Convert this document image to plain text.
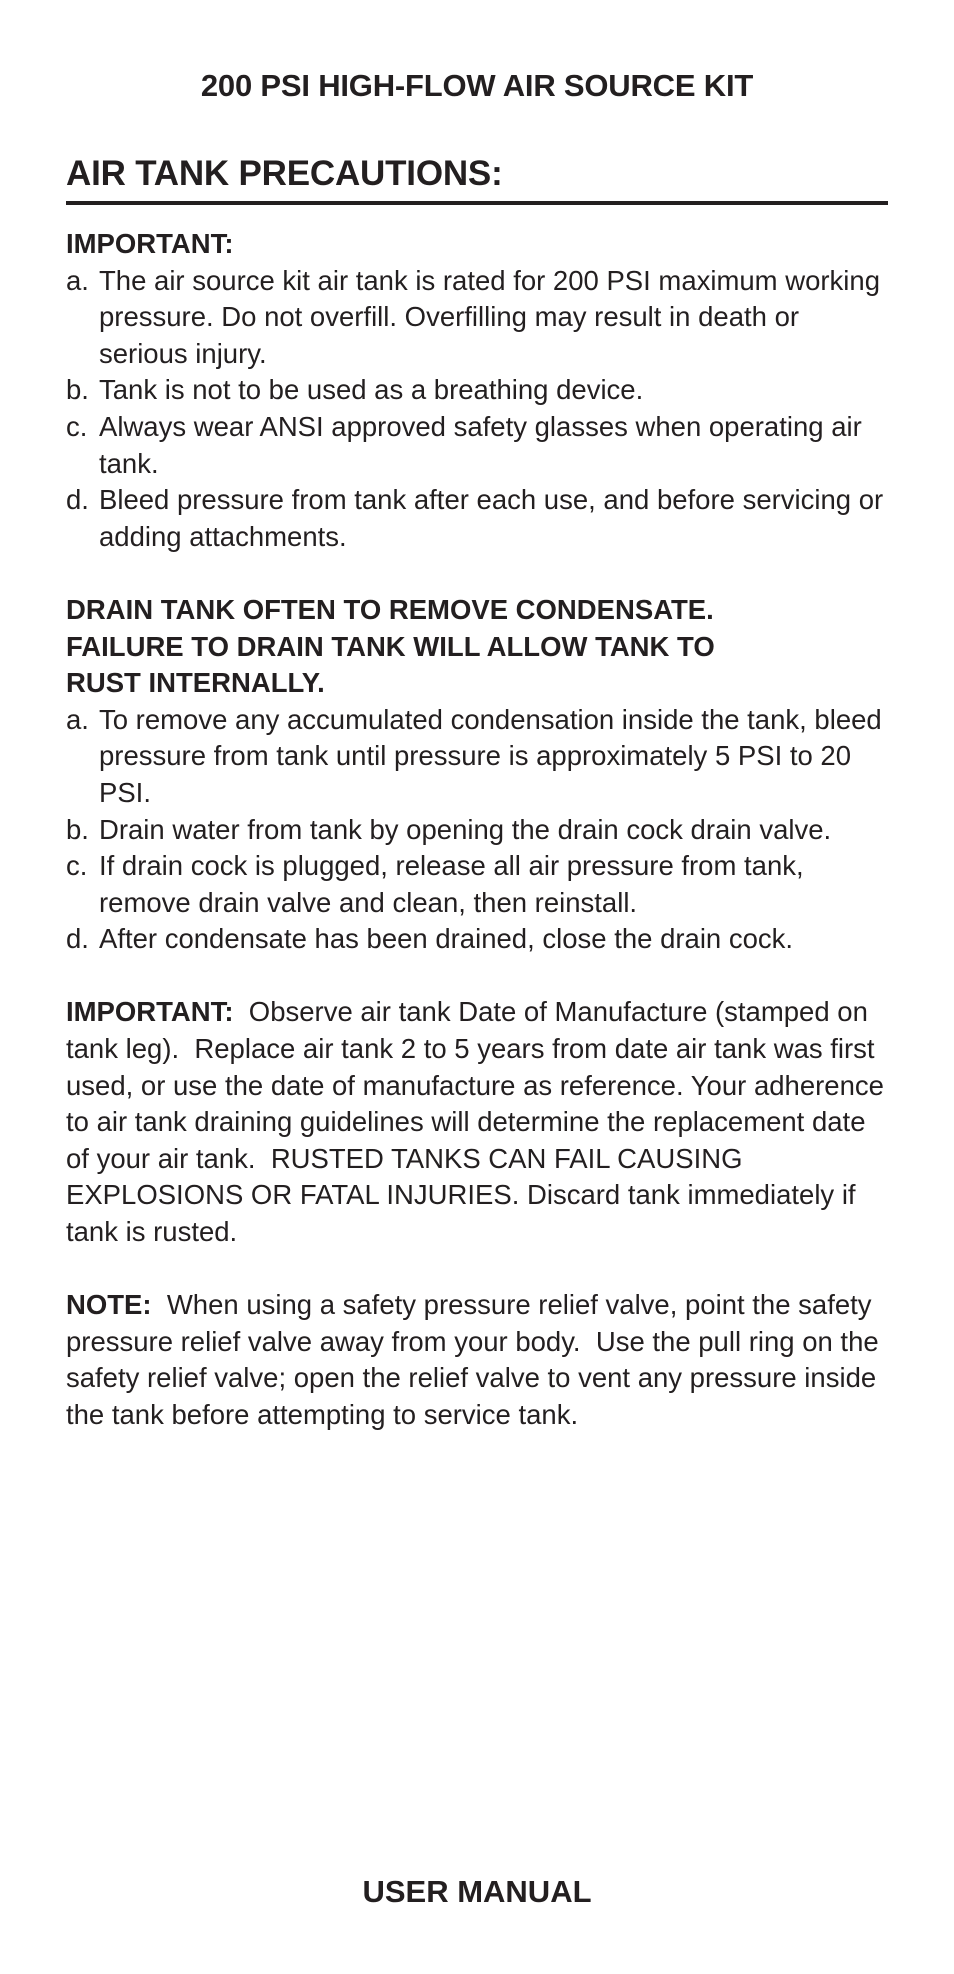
200 PSI HIGH-FLOW AIR SOURCE KIT
AIR TANK PRECAUTIONS:

IMPORTANT:

a. The air source kit air tank is rated for 200 PSI maximum working pressure. Do not overfill. Overfilling may result in death or serious injury.
b. Tank is not to be used as a breathing device.
c. Always wear ANSI approved safety glasses when operating air tank.
d. Bleed pressure from tank after each use, and before servicing or adding attachments.

DRAIN TANK OFTEN TO REMOVE CONDENSATE.

FAILURE TO DRAIN TANK WILL ALLOW TANK TO

RUST INTERNALLY.

a. To remove any accumulated condensation inside the tank, bleed pressure from tank until pressure is approximately 5 PSI to 20 PSI.
b. Drain water from tank by opening the drain cock drain valve.
c. If drain cock is plugged, release all air pressure from tank, remove drain valve and clean, then reinstall.
d. After condensate has been drained, close the drain cock.

IMPORTANT:  Observe air tank Date of Manufacture (stamped on tank leg).  Replace air tank 2 to 5 years from date air tank was first used, or use the date of manufacture as reference. Your adherence to air tank draining guidelines will determine the replacement date of your air tank.  RUSTED TANKS CAN FAIL CAUSING EXPLOSIONS OR FATAL INJURIES. Discard tank immediately if tank is rusted.

NOTE:  When using a safety pressure relief valve, point the safety pressure relief valve away from your body.  Use the pull ring on the safety relief valve; open the relief valve to vent any pressure inside the tank before attempting to service tank.

USER MANUAL
